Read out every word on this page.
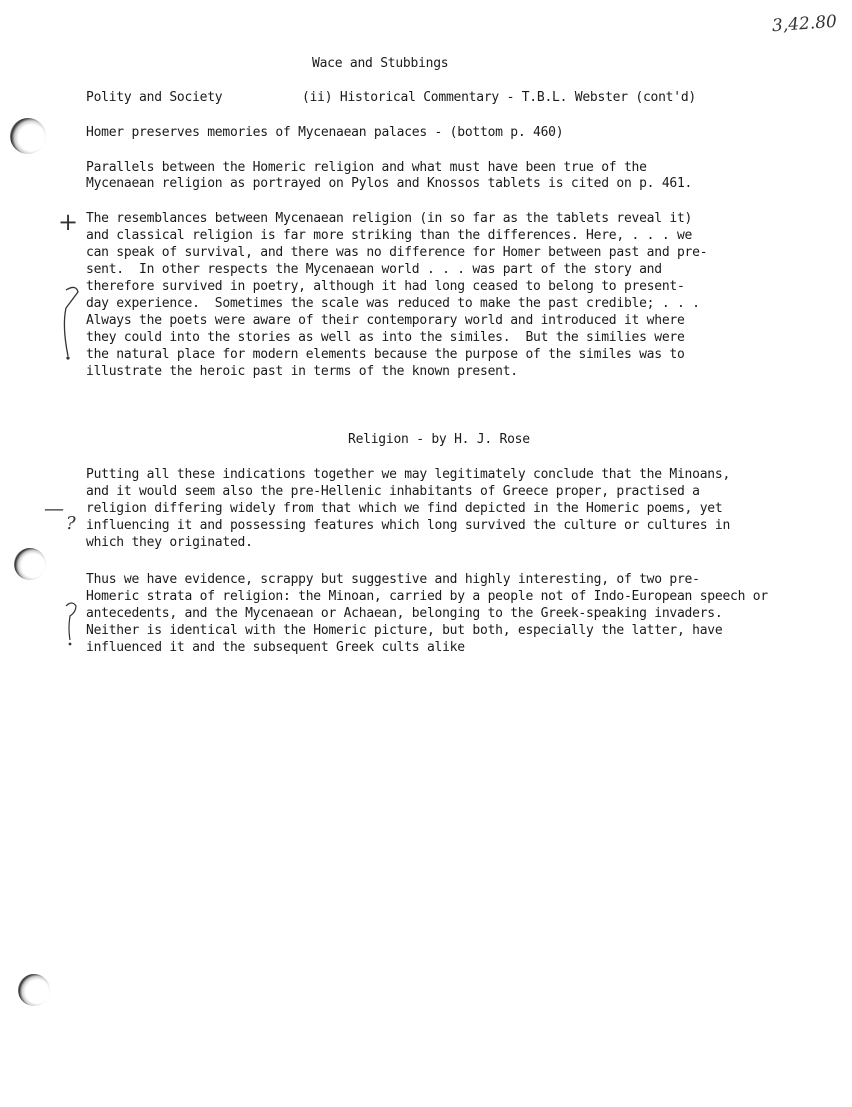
3,42.80
Wace and Stubbings
Polity and Society	(ii) Historical Commentary - T.B.L. Webster (cont'd)
Homer preserves memories of Mycenaean palaces - (bottom p. 460)
Parallels between the Homeric religion and what must have been true of the
Mycenaean religion as portrayed on Pylos and Knossos tablets is cited on p. 461.
+ The resemblances between Mycenaean religion (in so far as the tablets reveal it)
and classical religion is far more striking than the differences. Here, . . . we
can speak of survival, and there was no difference for Homer between past and pre-
sent.  In other respects the Mycenaean world . . . was part of the story and
therefore survived in poetry, although it had long ceased to belong to present-
day experience.  Sometimes the scale was reduced to make the past credible; . . .
Always the poets were aware of their contemporary world and introduced it where
they could into the stories as well as into the similes.  But the similies were
the natural place for modern elements because the purpose of the similes was to
illustrate the heroic past in terms of the known present.
Religion - by H. J. Rose
Putting all these indications together we may legitimately conclude that the Minoans,
and it would seem also the pre-Hellenic inhabitants of Greece proper, practised a
religion differing widely from that which we find depicted in the Homeric poems, yet
influencing it and possessing features which long survived the culture or cultures in
which they originated.
—
?
Thus we have evidence, scrappy but suggestive and highly interesting, of two pre-
Homeric strata of religion: the Minoan, carried by a people not of Indo-European speech or
antecedents, and the Mycenaean or Achaean, belonging to the Greek-speaking invaders.
Neither is identical with the Homeric picture, but both, especially the latter, have
influenced it and the subsequent Greek cults alike
